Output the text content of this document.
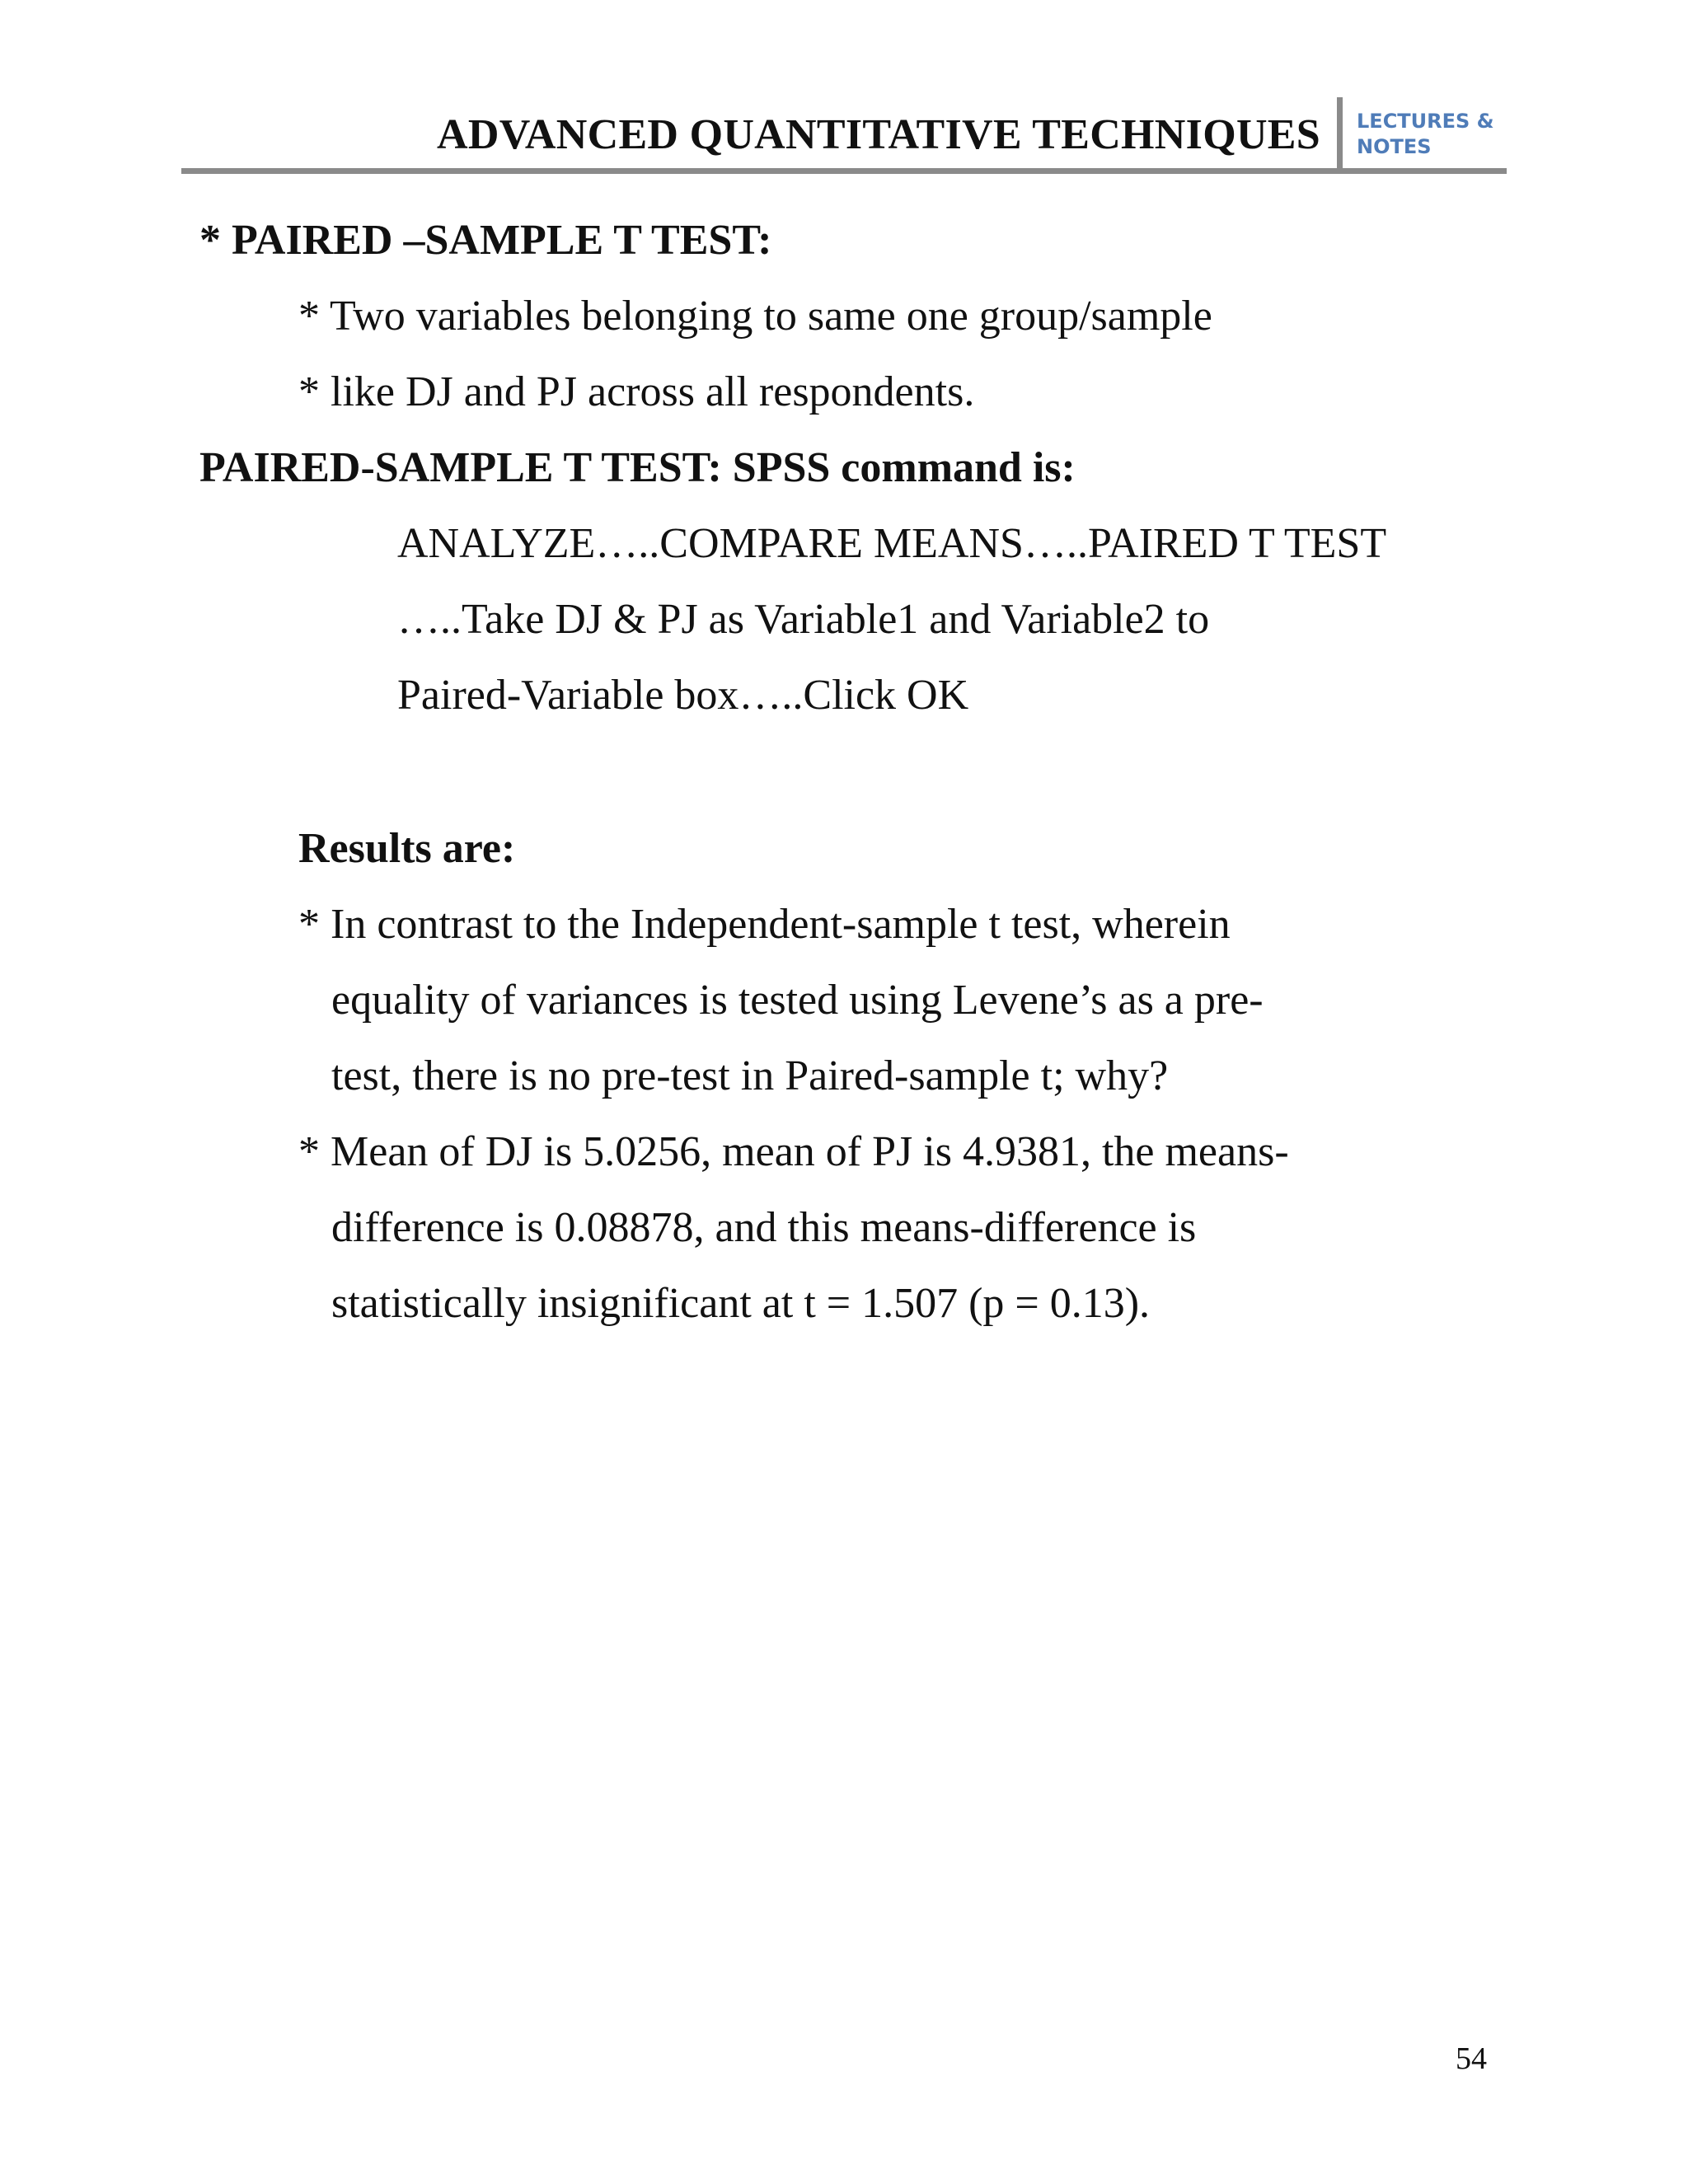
ADVANCED QUANTITATIVE TECHNIQUES LECTURES &
NOTES
* PAIRED –SAMPLE T TEST:
* Two variables belonging to same one group/sample
* like DJ and PJ across all respondents.
PAIRED-SAMPLE T TEST: SPSS command is:
ANALYZE…..COMPARE MEANS…..PAIRED T TEST
…..Take DJ & PJ as Variable1 and Variable2 to
Paired-Variable box…..Click OK
Results are:
* In contrast to the Independent-sample t test, wherein
equality of variances is tested using Levene’s as a pre-
test, there is no pre-test in Paired-sample t; why?
* Mean of DJ is 5.0256, mean of PJ is 4.9381, the means-
difference is 0.08878, and this means-difference is
statistically insignificant at t = 1.507 (p = 0.13).
54
